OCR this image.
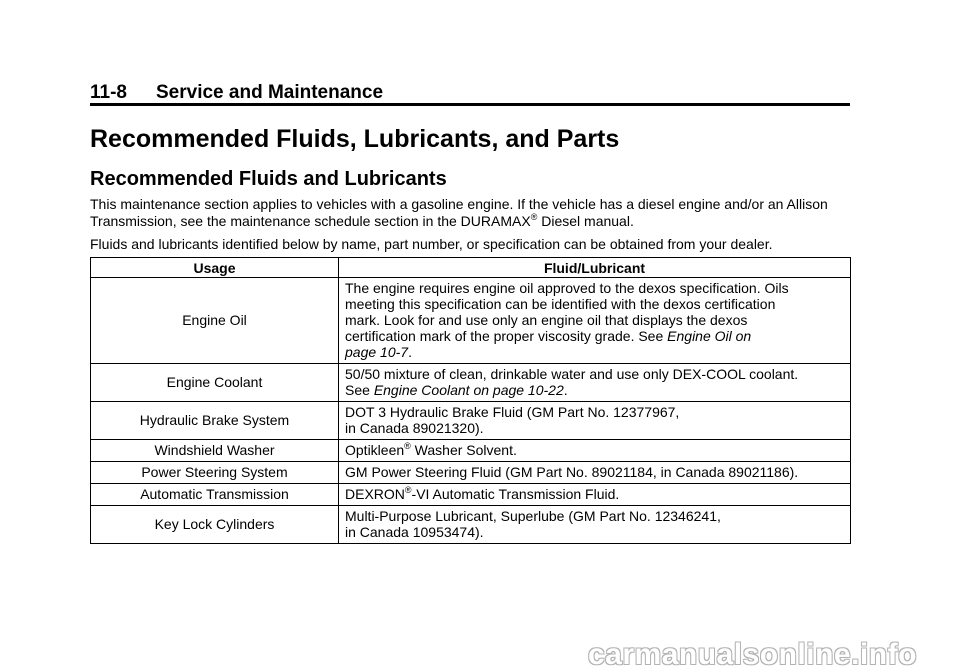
11-8 Service and Maintenance
Recommended Fluids, Lubricants, and Parts
Recommended Fluids and Lubricants

This maintenance section applies to vehicles with a gasoline engine. If the vehicle has a diesel engine and/or an Allison Transmission, see the maintenance schedule section in the DURAMAX® Diesel manual.

Fluids and lubricants identified below by name, part number, or specification can be obtained from your dealer.

Usage	Fluid/Lubricant
Engine Oil	The engine requires engine oil approved to the dexos specification. Oils
meeting this specification can be identified with the dexos certification
mark. Look for and use only an engine oil that displays the dexos
certification mark of the proper viscosity grade. See Engine Oil on
page 10-7.

Engine Coolant	50/50 mixture of clean, drinkable water and use only DEX-COOL coolant.
See Engine Coolant on page 10-22.

Hydraulic Brake System	DOT 3 Hydraulic Brake Fluid (GM Part No. 12377967,
in Canada 89021320).

Windshield Washer	Optikleen® Washer Solvent.
Power Steering System	GM Power Steering Fluid (GM Part No. 89021184, in Canada 89021186).
Automatic Transmission	DEXRON®-VI Automatic Transmission Fluid.
Key Lock Cylinders	Multi-Purpose Lubricant, Superlube (GM Part No. 12346241,
in Canada 10953474).
carmanualsonline.info
